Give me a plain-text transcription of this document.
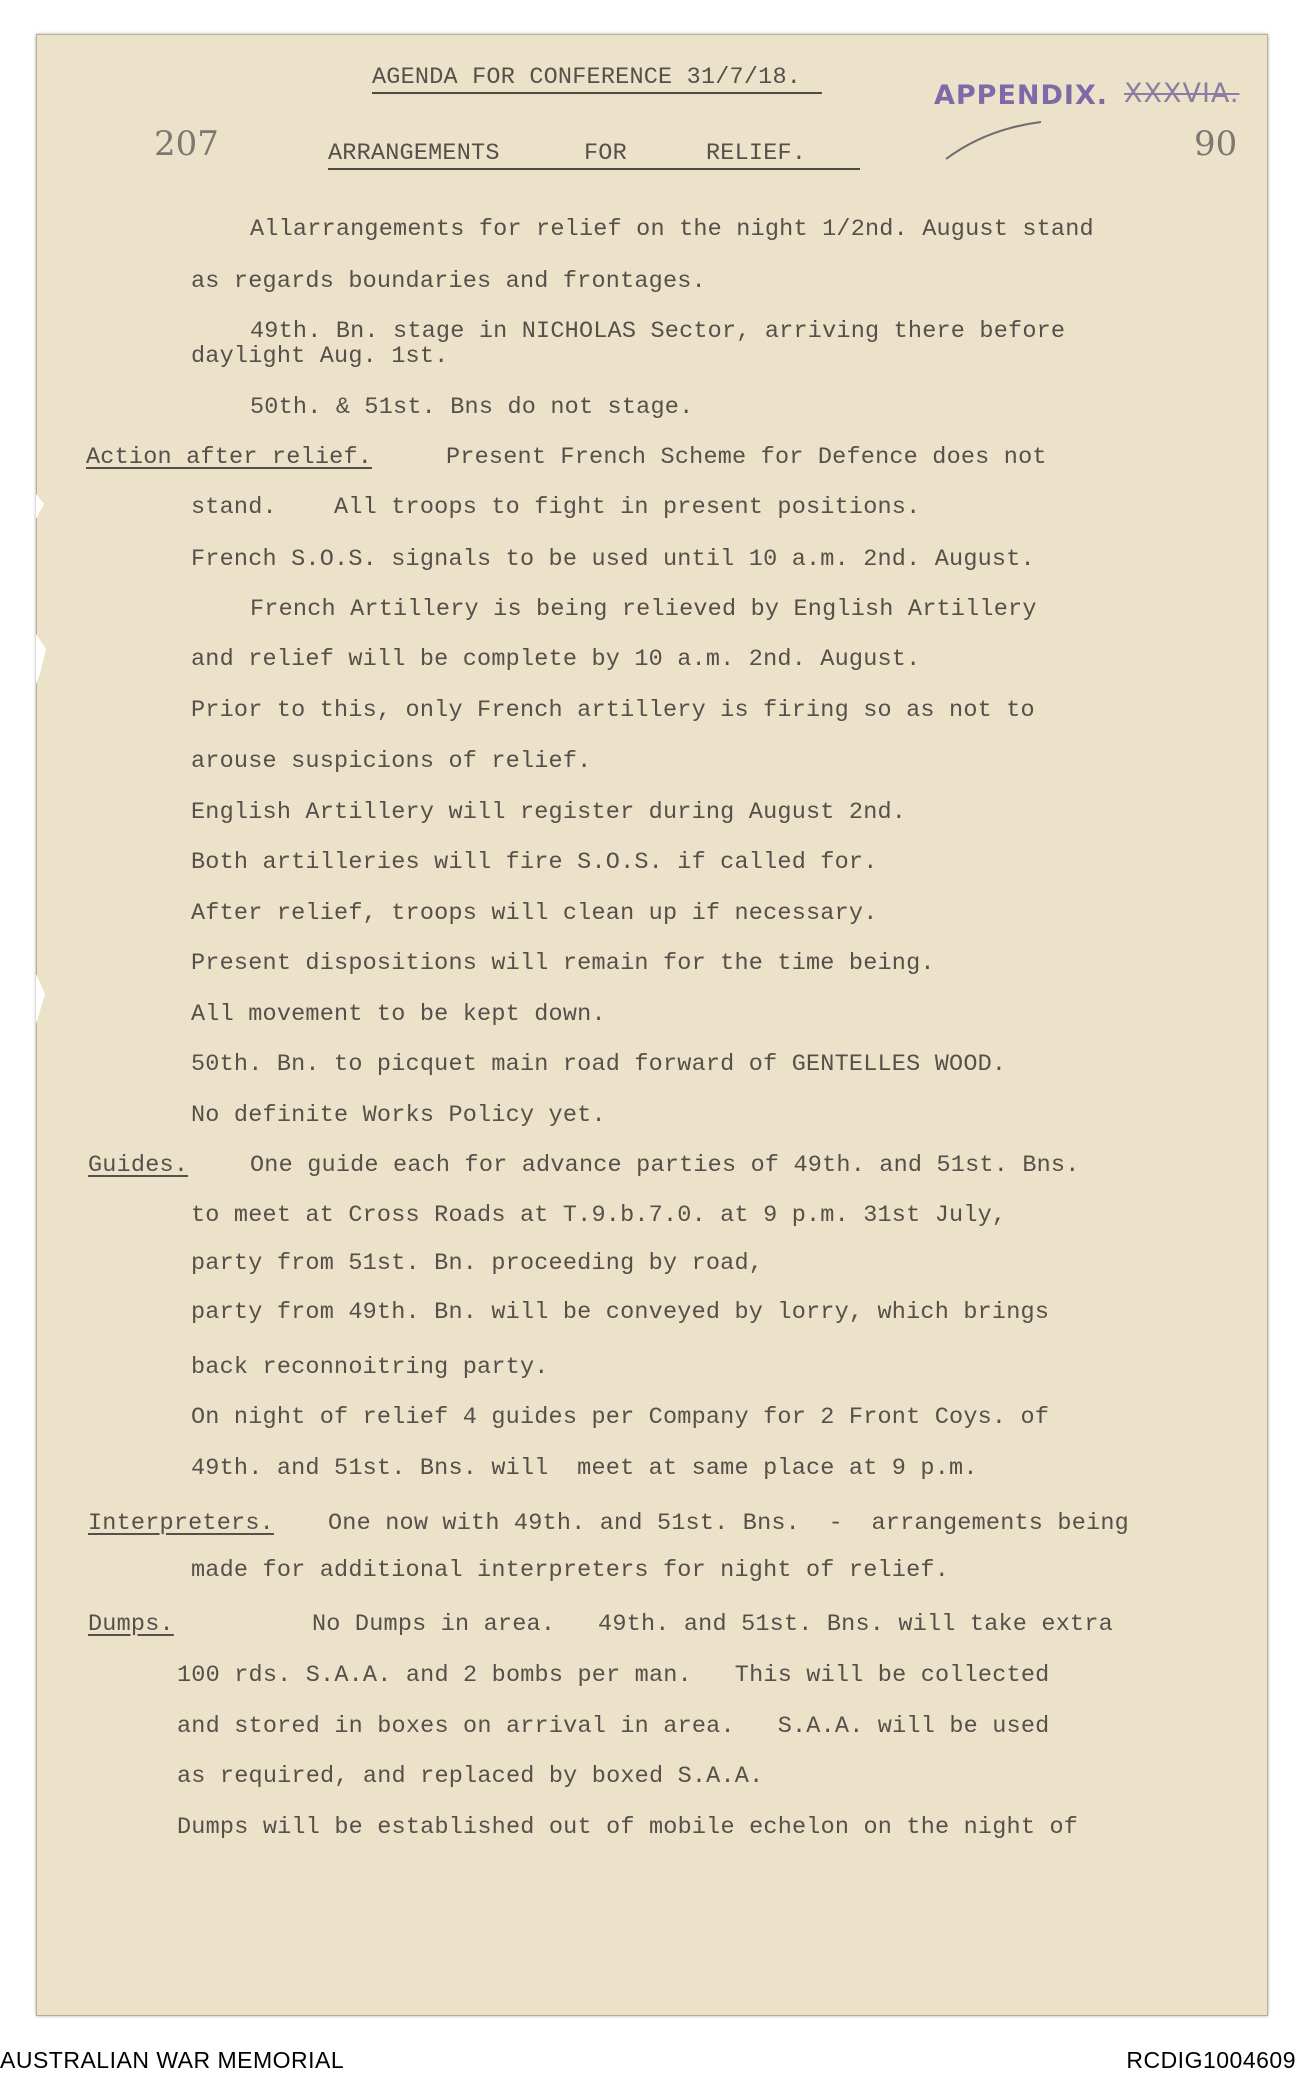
AGENDA FOR CONFERENCE 31/7/18.
207	90
APPENDIX. XXXVIA.
ARRANGEMENTS	FOR	RELIEF.
Allarrangements for relief on the night 1/2nd. August stand
as regards boundaries and frontages.
49th. Bn. stage in NICHOLAS Sector, arriving there before
daylight Aug. 1st.
50th. & 51st. Bns do not stage.
Action after relief.	Present French Scheme for Defence does not
stand.    All troops to fight in present positions.
French S.O.S. signals to be used until 10 a.m. 2nd. August.
French Artillery is being relieved by English Artillery
and relief will be complete by 10 a.m. 2nd. August.
Prior to this, only French artillery is firing so as not to
arouse suspicions of relief.
English Artillery will register during August 2nd.
Both artilleries will fire S.O.S. if called for.
After relief, troops will clean up if necessary.
Present dispositions will remain for the time being.
All movement to be kept down.
50th. Bn. to picquet main road forward of GENTELLES WOOD.
No definite Works Policy yet.
Guides.	One guide each for advance parties of 49th. and 51st. Bns.
to meet at Cross Roads at T.9.b.7.0. at 9 p.m. 31st July,
party from 51st. Bn. proceeding by road,
party from 49th. Bn. will be conveyed by lorry, which brings
back reconnoitring party.
On night of relief 4 guides per Company for 2 Front Coys. of
49th. and 51st. Bns. will  meet at same place at 9 p.m.
Interpreters. One now with 49th. and 51st. Bns.  -  arrangements being
made for additional interpreters for night of relief.
Dumps.	No Dumps in area.   49th. and 51st. Bns. will take extra
100 rds. S.A.A. and 2 bombs per man.   This will be collected
and stored in boxes on arrival in area.   S.A.A. will be used
as required, and replaced by boxed S.A.A.
Dumps will be established out of mobile echelon on the night of
AUSTRALIAN WAR MEMORIAL	RCDIG1004609
